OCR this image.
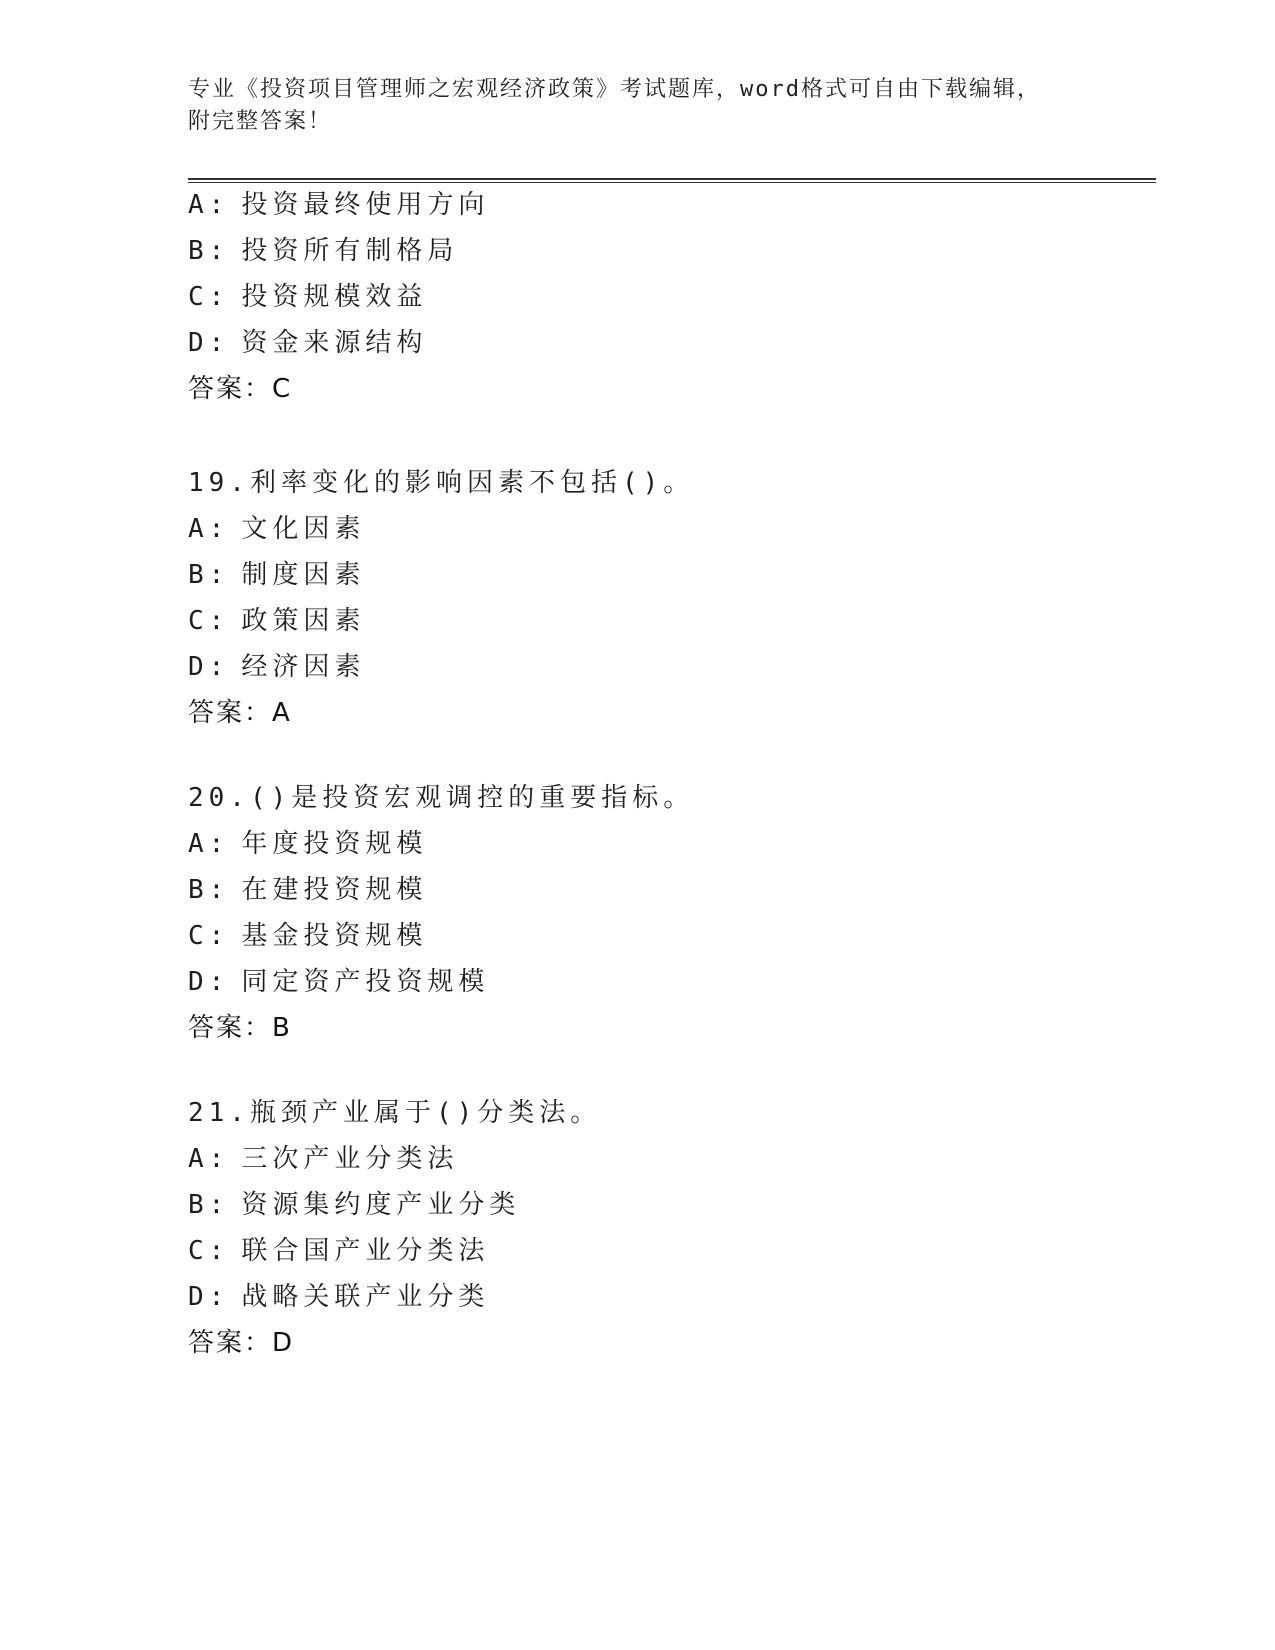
专业《投资项目管理师之宏观经济政策》考试题库，word格式可自由下载编辑，
附完整答案！
A: 投资最终使用方向
B: 投资所有制格局
C: 投资规模效益
D: 资金来源结构
答案：C
19.利率变化的影响因素不包括()。
A: 文化因素
B: 制度因素
C: 政策因素
D: 经济因素
答案：A
20.()是投资宏观调控的重要指标。
A: 年度投资规模
B: 在建投资规模
C: 基金投资规模
D: 同定资产投资规模
答案：B
21.瓶颈产业属于()分类法。
A: 三次产业分类法
B: 资源集约度产业分类
C: 联合国产业分类法
D: 战略关联产业分类
答案：D
